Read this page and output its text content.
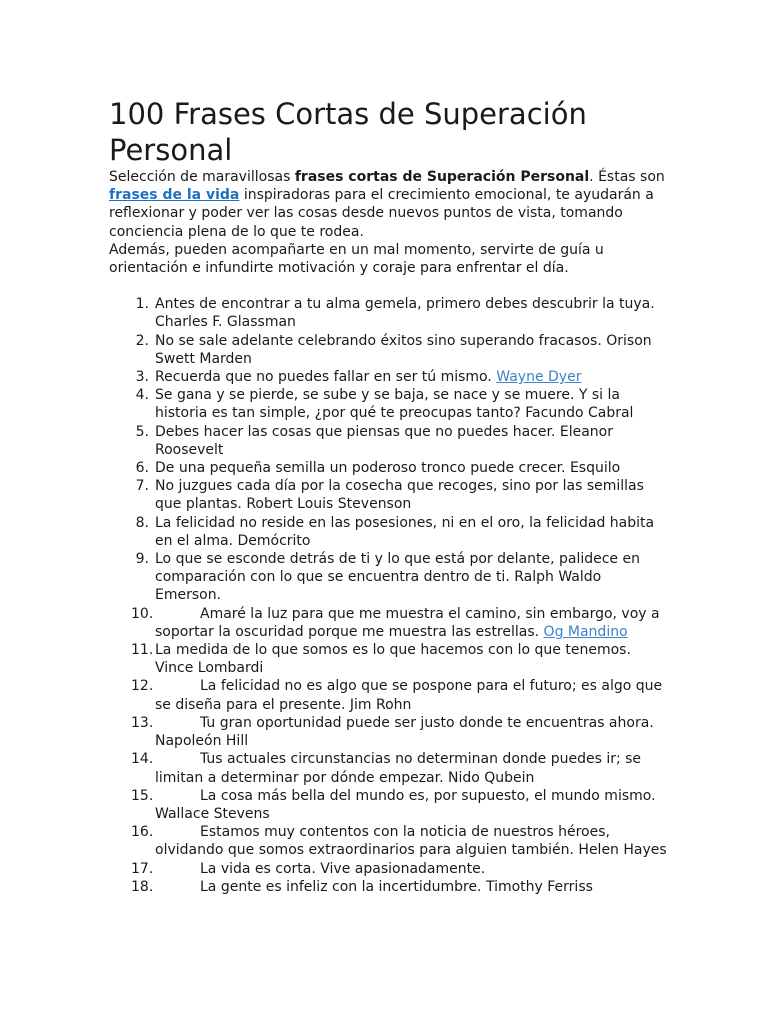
100 Frases Cortas de Superación Personal

Selección de maravillosas frases cortas de Superación Personal. Éstas son frases de la vida inspiradoras para el crecimiento emocional, te ayudarán a reflexionar y poder ver las cosas desde nuevos puntos de vista, tomando conciencia plena de lo que te rodea.

Además, pueden acompañarte en un mal momento, servirte de guía u orientación e infundirte motivación y coraje para enfrentar el día.

1. Antes de encontrar a tu alma gemela, primero debes descubrir la tuya. Charles F. Glassman
2. No se sale adelante celebrando éxitos sino superando fracasos. Orison Swett Marden
3. Recuerda que no puedes fallar en ser tú mismo. Wayne Dyer
4. Se gana y se pierde, se sube y se baja, se nace y se muere. Y si la historia es tan simple, ¿por qué te preocupas tanto? Facundo Cabral
5. Debes hacer las cosas que piensas que no puedes hacer. Eleanor Roosevelt
6. De una pequeña semilla un poderoso tronco puede crecer. Esquilo
7. No juzgues cada día por la cosecha que recoges, sino por las semillas que plantas. Robert Louis Stevenson
8. La felicidad no reside en las posesiones, ni en el oro, la felicidad habita en el alma. Demócrito
9. Lo que se esconde detrás de ti y lo que está por delante, palidece en comparación con lo que se encuentra dentro de ti. Ralph Waldo Emerson.
10.	Amaré la luz para que me muestra el camino, sin embargo, voy a soportar la oscuridad porque me muestra las estrellas. Og Mandino
11. La medida de lo que somos es lo que hacemos con lo que tenemos. Vince Lombardi
12.	La felicidad no es algo que se pospone para el futuro; es algo que se diseña para el presente. Jim Rohn
13.	Tu gran oportunidad puede ser justo donde te encuentras ahora. Napoleón Hill
14.	Tus actuales circunstancias no determinan donde puedes ir; se limitan a determinar por dónde empezar. Nido Qubein
15.	La cosa más bella del mundo es, por supuesto, el mundo mismo. Wallace Stevens
16.	Estamos muy contentos con la noticia de nuestros héroes, olvidando que somos extraordinarios para alguien también. Helen Hayes
17.	La vida es corta. Vive apasionadamente.
18.	La gente es infeliz con la incertidumbre. Timothy Ferriss
